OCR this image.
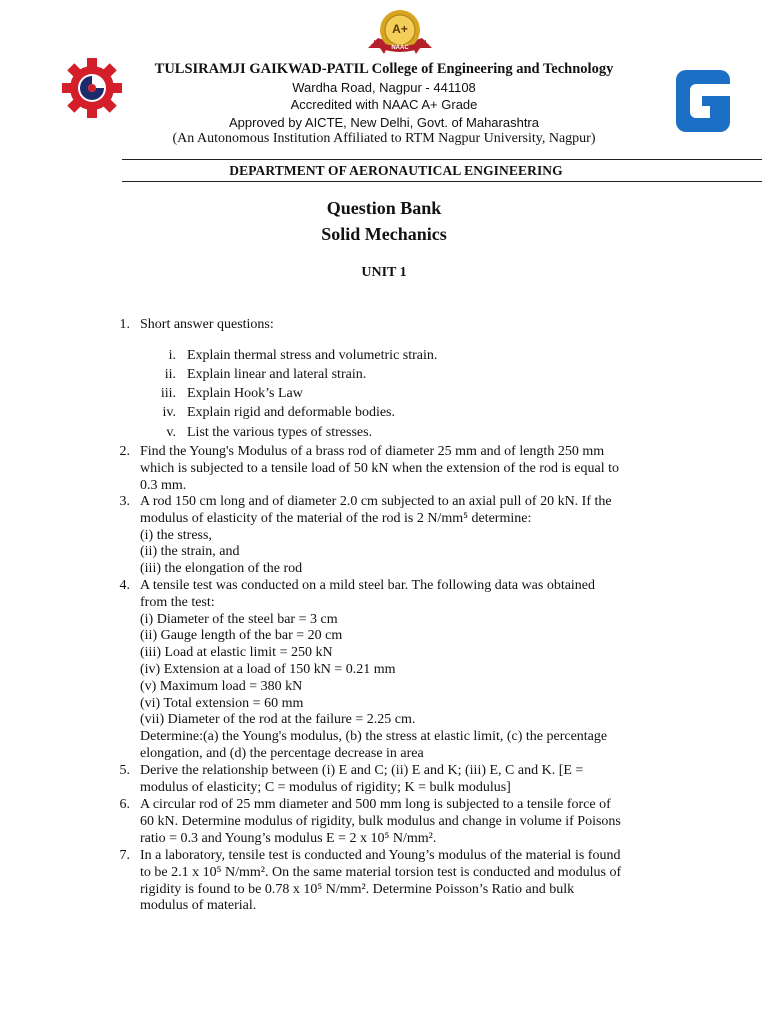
A+
NAAC
TULSIRAMJI GAIKWAD-PATIL College of Engineering and Technology
Wardha Road, Nagpur - 441108
Accredited with NAAC A+ Grade
Approved by AICTE, New Delhi, Govt. of Maharashtra
(An Autonomous Institution Affiliated to RTM Nagpur University, Nagpur)
DEPARTMENT OF AERONAUTICAL ENGINEERING
Question Bank
Solid Mechanics
UNIT 1
1. Short answer questions:
i. Explain thermal stress and volumetric strain.
ii. Explain linear and lateral strain.
iii. Explain Hook’s Law
iv. Explain rigid and deformable bodies.
v. List the various types of stresses.
2. Find the Young's Modulus of a brass rod of diameter 25 mm and of length 250 mm
which is subjected to a tensile load of 50 kN when the extension of the rod is equal to
0.3 mm.
3. A rod 150 cm long and of diameter 2.0 cm subjected to an axial pull of 20 kN. If the
modulus of elasticity of the material of the rod is 2 N/mm⁵ determine:
(i) the stress,
(ii) the strain, and
(iii) the elongation of the rod
4. A tensile test was conducted on a mild steel bar. The following data was obtained
from the test:
(i) Diameter of the steel bar = 3 cm
(ii) Gauge length of the bar = 20 cm
(iii) Load at elastic limit = 250 kN
(iv) Extension at a load of 150 kN = 0.21 mm
(v) Maximum load = 380 kN
(vi) Total extension = 60 mm
(vii) Diameter of the rod at the failure = 2.25 cm.
Determine:(a) the Young's modulus, (b) the stress at elastic limit, (c) the percentage
elongation, and (d) the percentage decrease in area
5. Derive the relationship between (i) E and C; (ii) E and K; (iii) E, C and K. [E =
modulus of elasticity; C = modulus of rigidity; K = bulk modulus]
6. A circular rod of 25 mm diameter and 500 mm long is subjected to a tensile force of
60 kN. Determine modulus of rigidity, bulk modulus and change in volume if Poisons
ratio = 0.3 and Young’s modulus E = 2 x 10⁵ N/mm².
7. In a laboratory, tensile test is conducted and Young’s modulus of the material is found
to be 2.1 x 10⁵ N/mm². On the same material torsion test is conducted and modulus of
rigidity is found to be 0.78 x 10⁵ N/mm². Determine Poisson’s Ratio and bulk
modulus of material.
